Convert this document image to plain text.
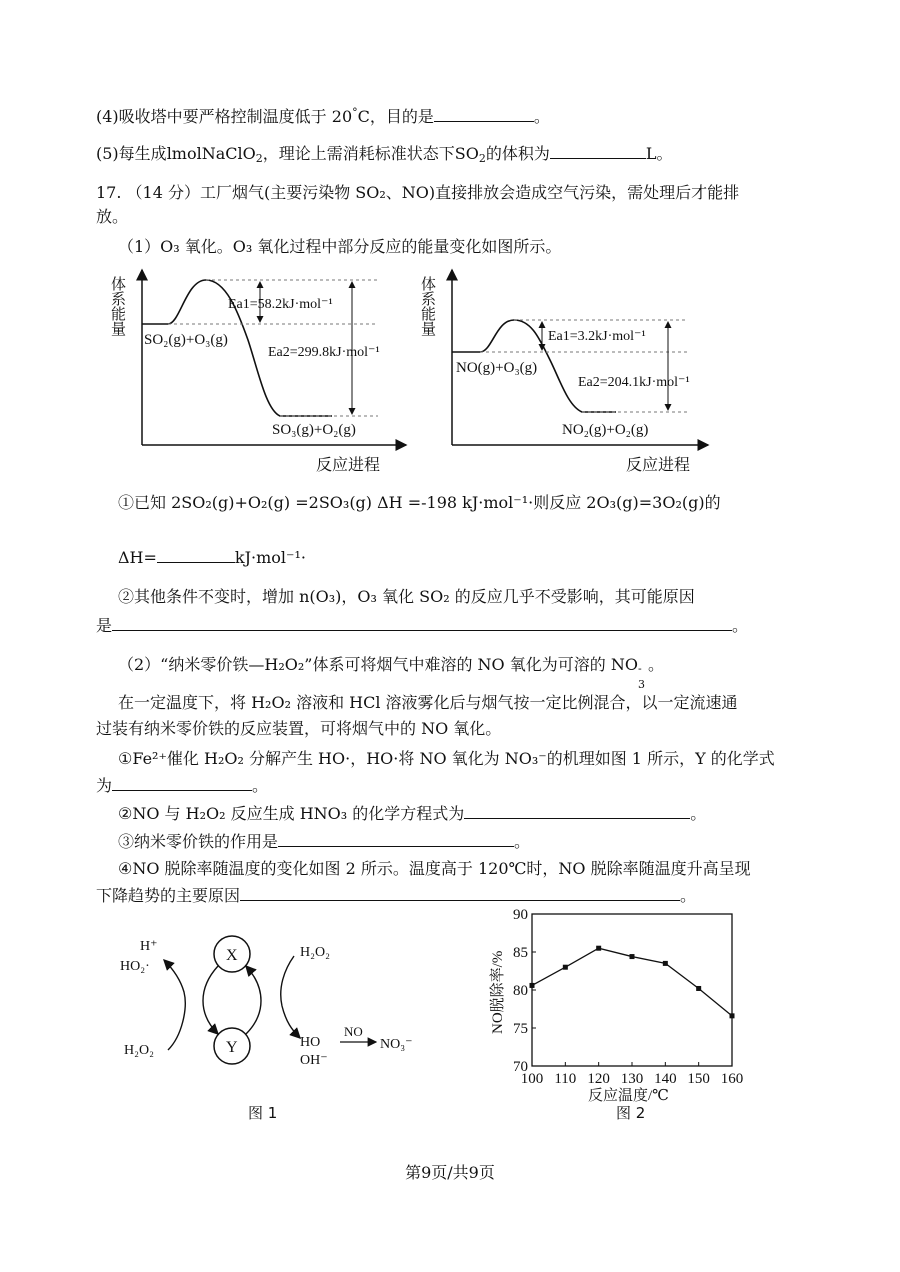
(4)吸收塔中要严格控制温度低于 20°C，目的是	。
(5)每生成lmolNaClO$_2$，理论上需消耗标准状态下$SO_2$的体积为	L。
17. （14 分）工厂烟气(主要污染物 SO₂、NO)直接排放会造成空气污染，需处理后才能排
放。
（1）O₃ 氧化。O₃ 氧化过程中部分反应的能量变化如图所示。
体系能量
SO₂(g)+O₃(g)
SO₃(g)+O₂(g)
Ea1=58.2kJ·mol⁻¹
Ea2=299.8kJ·mol⁻¹
反应进程
体系能量
NO(g)+O₃(g)
NO₂(g)+O₂(g)
Ea1=3.2kJ·mol⁻¹
Ea2=204.1kJ·mol⁻¹
反应进程
①已知 2SO₂(g)+O₂(g) =2SO₃(g) ΔH =-198 kJ·mol⁻¹·则反应 2O₃(g)=3O₂(g)的
ΔH=	kJ·mol⁻¹·
②其他条件不变时，增加 n(O₃)，O₃ 氧化 SO₂ 的反应几乎不受影响，其可能原因
是	。
（2）“纳米零价铁—H₂O₂”体系可将烟气中难溶的 NO 氧化为可溶的 NO -
3
。
在一定温度下，将 H₂O₂ 溶液和 HCl 溶液雾化后与烟气按一定比例混合，以一定流速通
过装有纳米零价铁的反应装置，可将烟气中的 NO 氧化。
①Fe²⁺催化 H₂O₂ 分解产生 HO·，HO·将 NO 氧化为 NO₃⁻的机理如图 1 所示，Y 的化学式
为	。
②NO 与 H₂O₂ 反应生成 HNO₃ 的化学方程式为	。
③纳米零价铁的作用是	。
④NO 脱除率随温度的变化如图 2 所示。温度高于 120℃时，NO 脱除率随温度升高呈现
下降趋势的主要原因	。
X
Y
H⁺
HO₂·
H₂O₂
H₂O₂
HO
OH⁻
NO
NO₃⁻
图 1
100 110 120 130 140 150 160
70
75
80
85
90
NO脱除率/%
反应温度/℃
图 2
第9页/共9页
